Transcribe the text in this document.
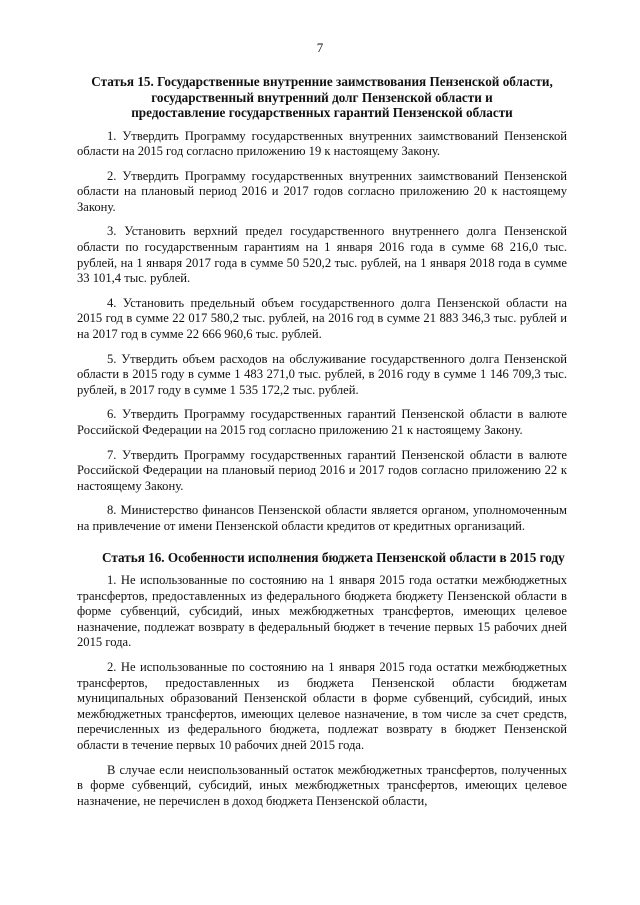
7
Статья 15. Государственные внутренние заимствования Пензенской области,
государственный внутренний долг Пензенской области и
предоставление государственных гарантий Пензенской области

1. Утвердить Программу государственных внутренних заимствований Пензенской области на 2015 год согласно приложению 19 к настоящему Закону.

2. Утвердить Программу государственных внутренних заимствований Пензенской области на плановый период 2016 и 2017 годов согласно приложению 20 к настоящему Закону.

3. Установить верхний предел государственного внутреннего долга Пензенской области по государственным гарантиям на 1 января 2016 года в сумме 68 216,0 тыс. рублей, на 1 января 2017 года в сумме 50 520,2 тыс. рублей, на 1 января 2018 года в сумме 33 101,4 тыс. рублей.

4. Установить предельный объем государственного долга Пензенской области на 2015 год в сумме 22 017 580,2 тыс. рублей, на 2016 год в сумме 21 883 346,3 тыс. рублей и на 2017 год в сумме 22 666 960,6 тыс. рублей.

5. Утвердить объем расходов на обслуживание государственного долга Пензенской области в 2015 году в сумме 1 483 271,0 тыс. рублей, в 2016 году в сумме 1 146 709,3 тыс. рублей, в 2017 году в сумме 1 535 172,2 тыс. рублей.

6. Утвердить Программу государственных гарантий Пензенской области в валюте Российской Федерации на 2015 год согласно приложению 21 к настоящему Закону.

7. Утвердить Программу государственных гарантий Пензенской области в валюте Российской Федерации на плановый период 2016 и 2017 годов согласно приложению 22 к настоящему Закону.

8. Министерство финансов Пензенской области является органом, уполномоченным на привлечение от имени Пензенской области кредитов от кредитных организаций.

Статья 16. Особенности исполнения бюджета Пензенской области в 2015 году

1. Не использованные по состоянию на 1 января 2015 года остатки межбюджетных трансфертов, предоставленных из федерального бюджета бюджету Пензенской области в форме субвенций, субсидий, иных межбюджетных трансфертов, имеющих целевое назначение, подлежат возврату в федеральный бюджет в течение первых 15 рабочих дней 2015 года.

2. Не использованные по состоянию на 1 января 2015 года остатки межбюджетных трансфертов, предоставленных из бюджета Пензенской области бюджетам муниципальных образований Пензенской области в форме субвенций, субсидий, иных межбюджетных трансфертов, имеющих целевое назначение, в том числе за счет средств, перечисленных из федерального бюджета, подлежат возврату в бюджет Пензенской области в течение первых 10 рабочих дней 2015 года.

В случае если неиспользованный остаток межбюджетных трансфертов, полученных в форме субвенций, субсидий, иных межбюджетных трансфертов, имеющих целевое назначение, не перечислен в доход бюджета Пензенской области,
